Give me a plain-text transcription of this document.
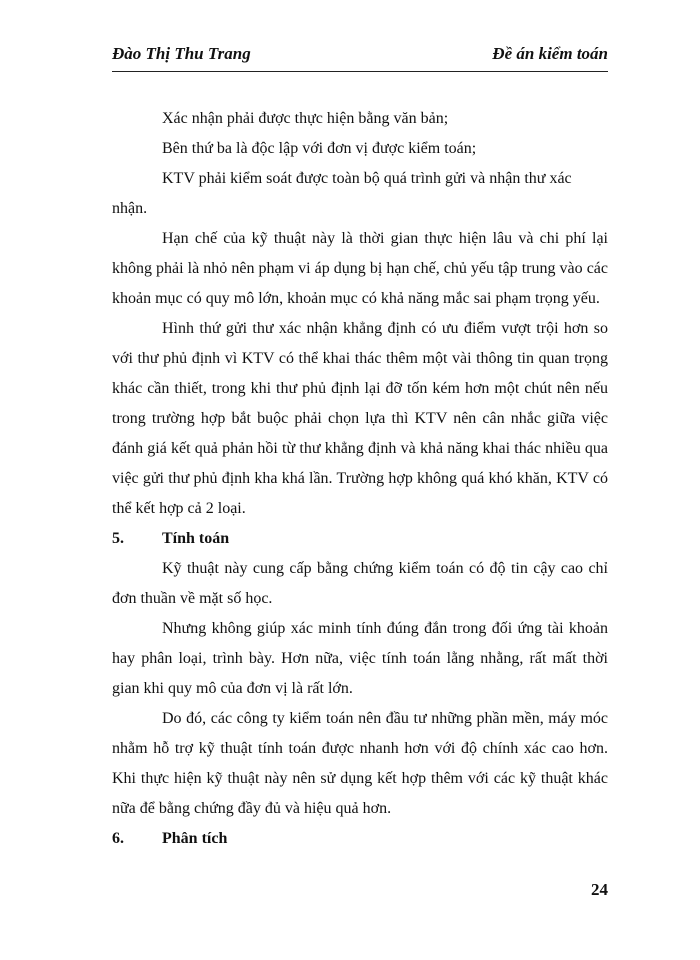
Đào Thị Thu Trang	Đề án kiểm toán

Xác nhận phải được thực hiện bằng văn bản;

Bên thứ ba là độc lập với đơn vị được kiểm toán;

KTV phải kiểm soát được toàn bộ quá trình gửi và nhận thư xác nhận.

Hạn chế của kỹ thuật này là thời gian thực hiện lâu và chi phí lại không phải là nhỏ nên phạm vi áp dụng bị hạn chế, chủ yếu tập trung vào các khoản mục có quy mô lớn, khoản mục có khả năng mắc sai phạm trọng yếu.

Hình thứ gửi thư xác nhận khẳng định có ưu điểm vượt trội hơn so với thư phủ định vì KTV có thể khai thác thêm một vài thông tin quan trọng khác cần thiết, trong khi thư phủ định lại đỡ tốn kém hơn một chút nên nếu trong trường hợp bắt buộc phải chọn lựa thì KTV nên cân nhắc giữa việc đánh giá kết quả phản hồi từ thư khẳng định và khả năng khai thác nhiều qua việc gửi thư phủ định kha khá lần. Trường hợp không quá khó khăn, KTV có thể kết hợp cả 2 loại.

5.	Tính toán

Kỹ thuật này cung cấp bằng chứng kiểm toán có độ tin cậy cao chỉ đơn thuần về mặt số học.

Nhưng không giúp xác minh tính đúng đắn trong đối ứng tài khoản hay phân loại, trình bày. Hơn nữa, việc tính toán lằng nhằng, rất mất thời gian khi quy mô của đơn vị là rất lớn.

Do đó, các công ty kiểm toán nên đầu tư những phần mền, máy móc nhằm hỗ trợ kỹ thuật tính toán được nhanh hơn với độ chính xác cao hơn. Khi thực hiện kỹ thuật này nên sử dụng kết hợp thêm với các kỹ thuật khác nữa để bằng chứng đầy đủ và hiệu quả hơn.

6.	Phân tích
24
